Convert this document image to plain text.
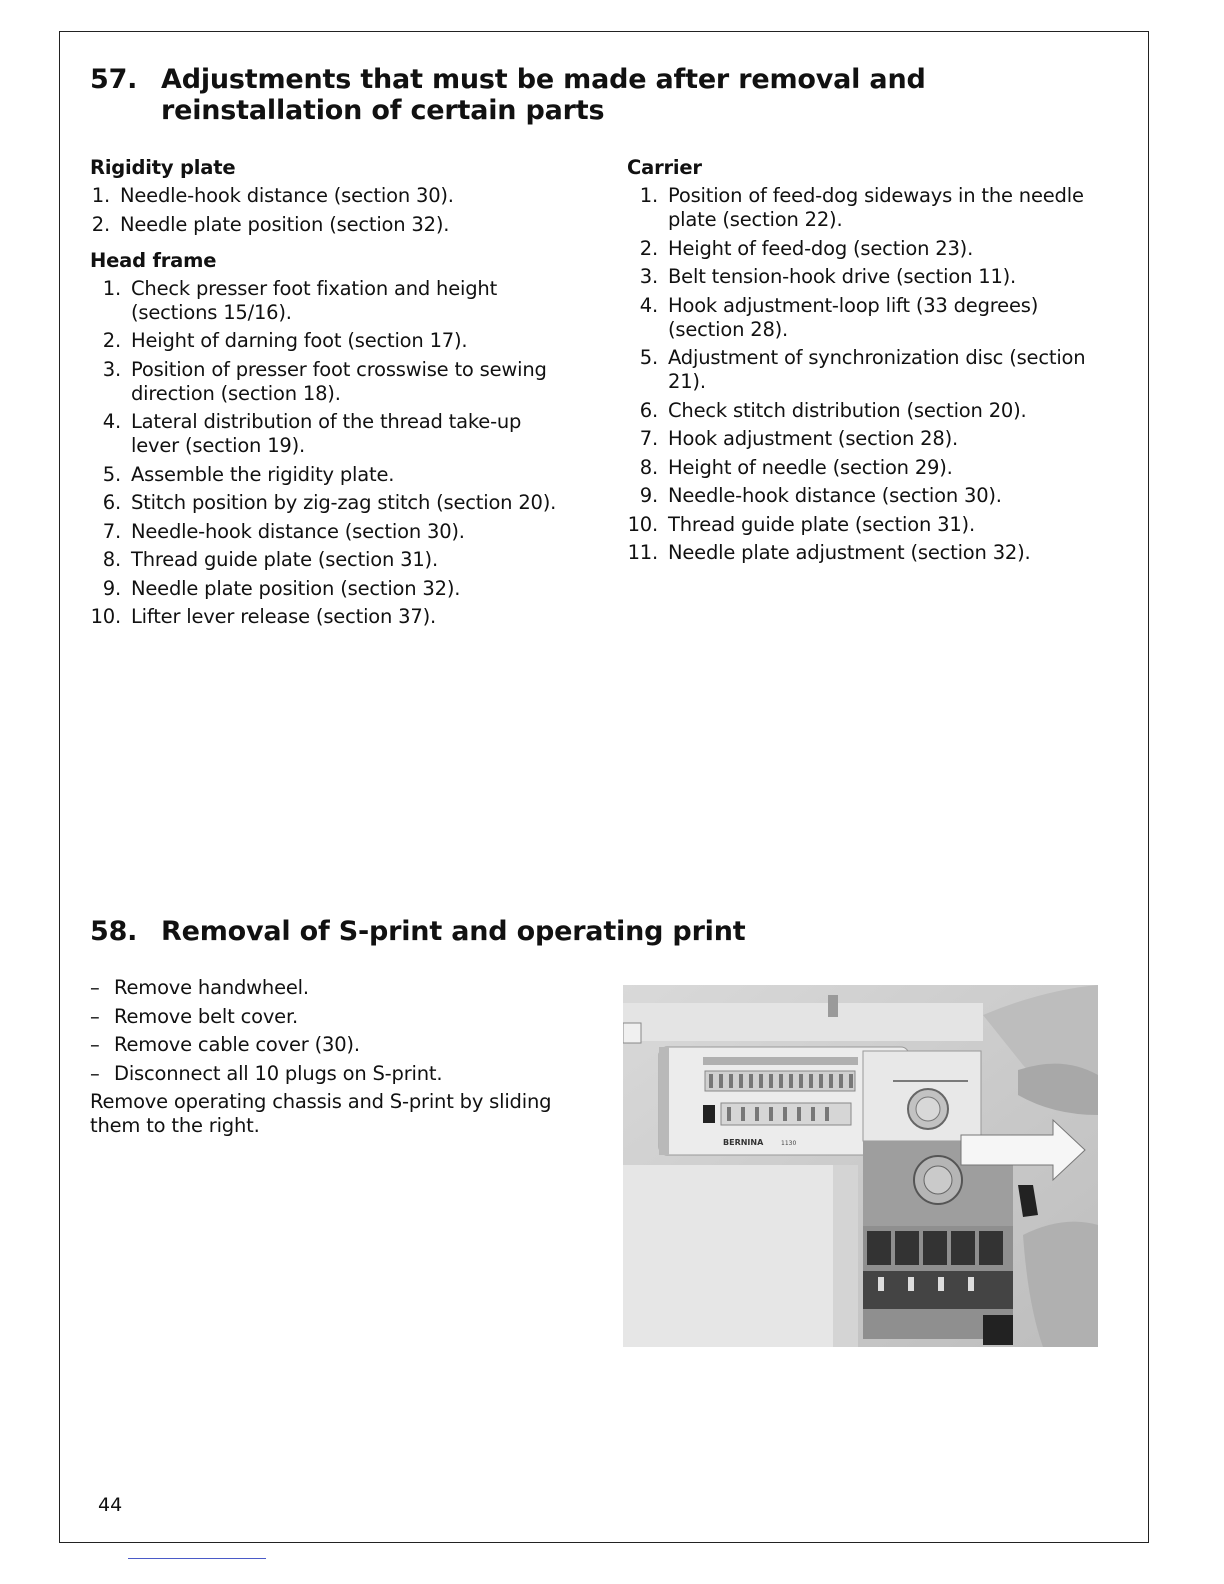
57. Adjustments that must be made after removal and reinstallation of certain parts
Rigidity plate
1. Needle-hook distance (section 30).
2. Needle plate position (section 32).
Head frame
1. Check presser foot fixation and height (sections 15/16).
2. Height of darning foot (section 17).
3. Position of presser foot crosswise to sewing direction (section 18).
4. Lateral distribution of the thread take-up lever (section 19).
5. Assemble the rigidity plate.
6. Stitch position by zig-zag stitch (section 20).
7. Needle-hook distance (section 30).
8. Thread guide plate (section 31).
9. Needle plate position (section 32).
10. Lifter lever release (section 37).
Carrier
1. Position of feed-dog sideways in the needle plate (section 22).
2. Height of feed-dog (section 23).
3. Belt tension-hook drive (section 11).
4. Hook adjustment-loop lift (33 degrees) (section 28).
5. Adjustment of synchronization disc (section 21).
6. Check stitch distribution (section 20).
7. Hook adjustment (section 28).
8. Height of needle (section 29).
9. Needle-hook distance (section 30).
10. Thread guide plate (section 31).
11. Needle plate adjustment (section 32).
58. Removal of S-print and operating print
– Remove handwheel.
– Remove belt cover.
– Remove cable cover (30).
– Disconnect all 10 plugs on S-print.

Remove operating chassis and S-print by sliding them to the right.

BERNINA	1130
44
